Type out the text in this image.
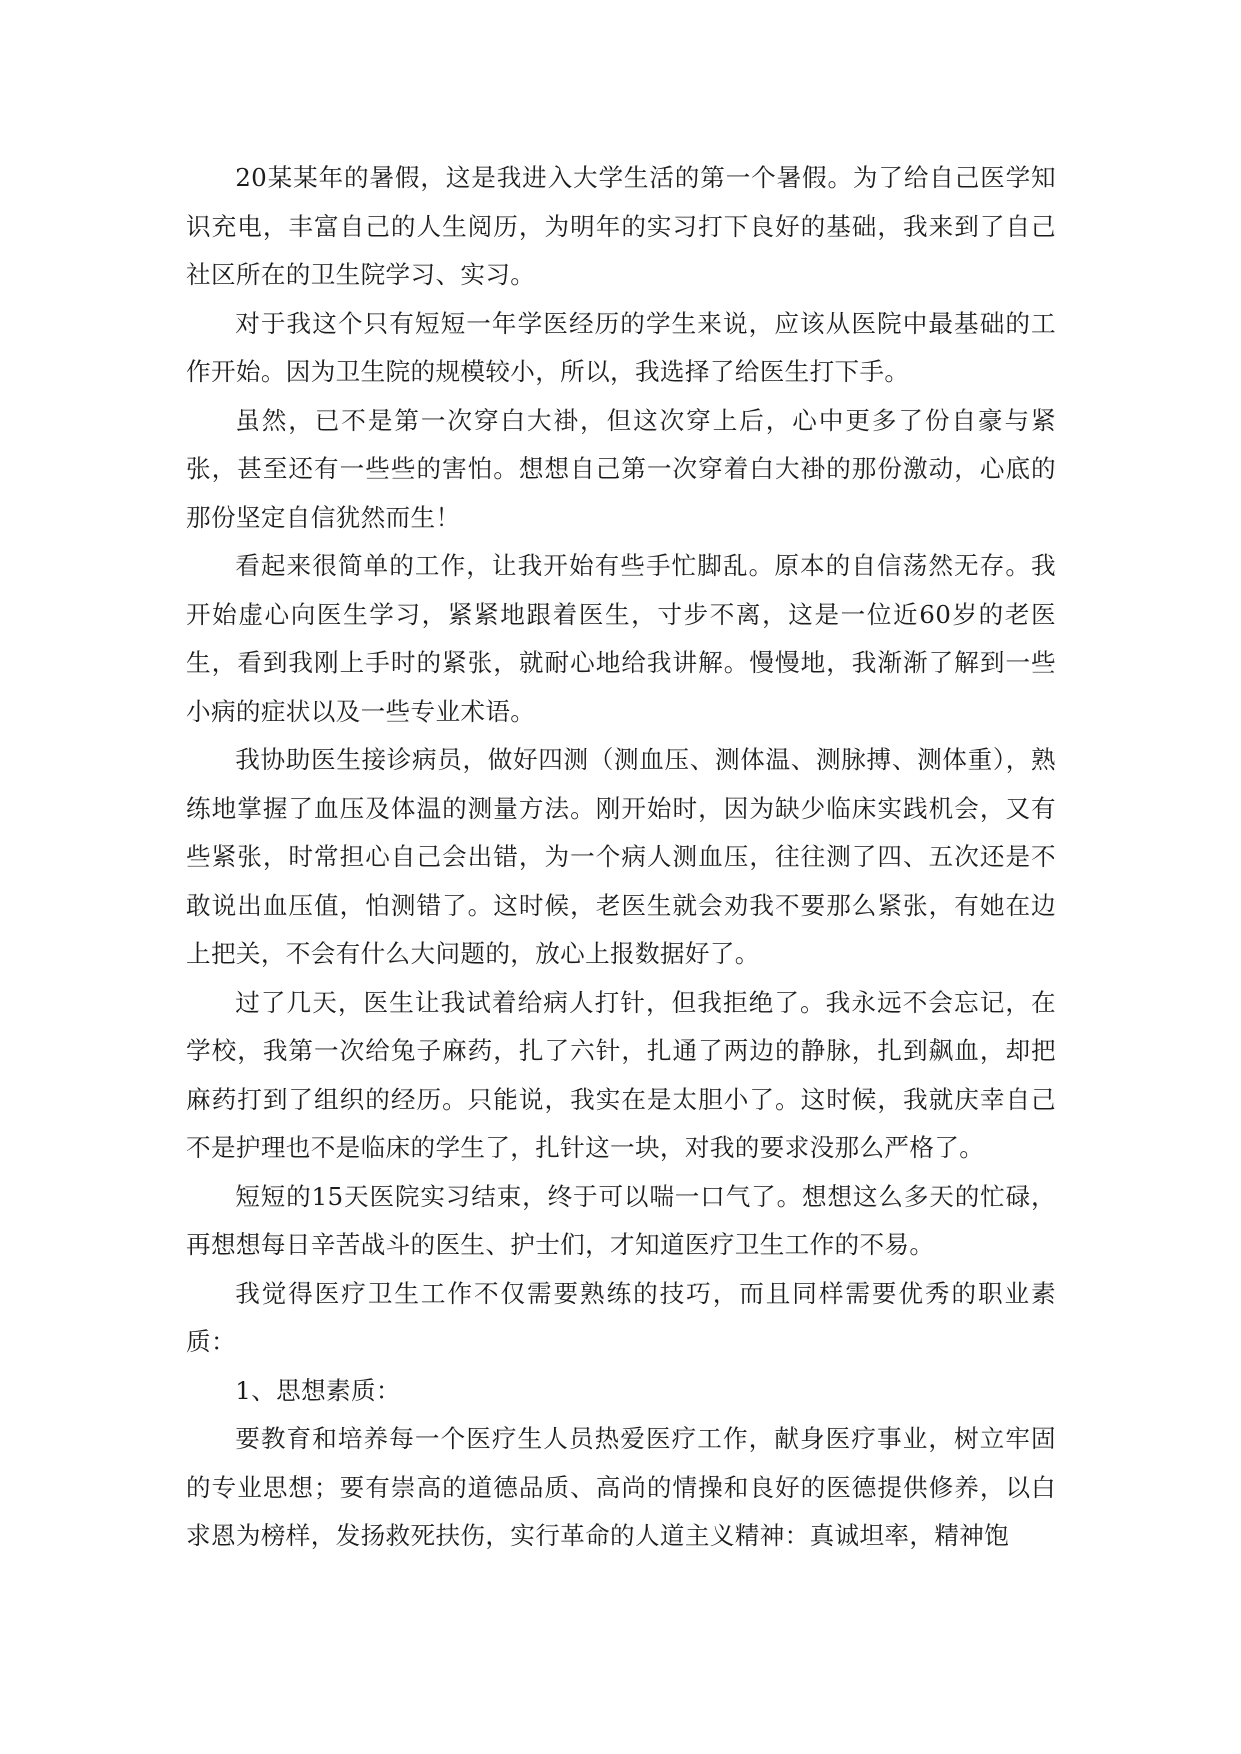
20某某年的暑假，这是我进入大学生活的第一个暑假。为了给自己医学知识充电，丰富自己的人生阅历，为明年的实习打下良好的基础，我来到了自己社区所在的卫生院学习、实习。

对于我这个只有短短一年学医经历的学生来说，应该从医院中最基础的工作开始。因为卫生院的规模较小，所以，我选择了给医生打下手。

虽然，已不是第一次穿白大褂，但这次穿上后，心中更多了份自豪与紧张，甚至还有一些些的害怕。想想自己第一次穿着白大褂的那份激动，心底的那份坚定自信犹然而生！

看起来很简单的工作，让我开始有些手忙脚乱。原本的自信荡然无存。我开始虚心向医生学习，紧紧地跟着医生，寸步不离，这是一位近60岁的老医生，看到我刚上手时的紧张，就耐心地给我讲解。慢慢地，我渐渐了解到一些小病的症状以及一些专业术语。

我协助医生接诊病员，做好四测（测血压、测体温、测脉搏、测体重），熟练地掌握了血压及体温的测量方法。刚开始时，因为缺少临床实践机会，又有些紧张，时常担心自己会出错，为一个病人测血压，往往测了四、五次还是不敢说出血压值，怕测错了。这时候，老医生就会劝我不要那么紧张，有她在边上把关，不会有什么大问题的，放心上报数据好了。

过了几天，医生让我试着给病人打针，但我拒绝了。我永远不会忘记，在学校，我第一次给兔子麻药，扎了六针，扎通了两边的静脉，扎到飙血，却把麻药打到了组织的经历。只能说，我实在是太胆小了。这时候，我就庆幸自己不是护理也不是临床的学生了，扎针这一块，对我的要求没那么严格了。

短短的15天医院实习结束，终于可以喘一口气了。想想这么多天的忙碌，再想想每日辛苦战斗的医生、护士们，才知道医疗卫生工作的不易。

我觉得医疗卫生工作不仅需要熟练的技巧，而且同样需要优秀的职业素质：

1、思想素质：

要教育和培养每一个医疗生人员热爱医疗工作，献身医疗事业，树立牢固的专业思想；要有崇高的道德品质、高尚的情操和良好的医德提供修养，以白求恩为榜样，发扬救死扶伤，实行革命的人道主义精神：真诚坦率，精神饱
